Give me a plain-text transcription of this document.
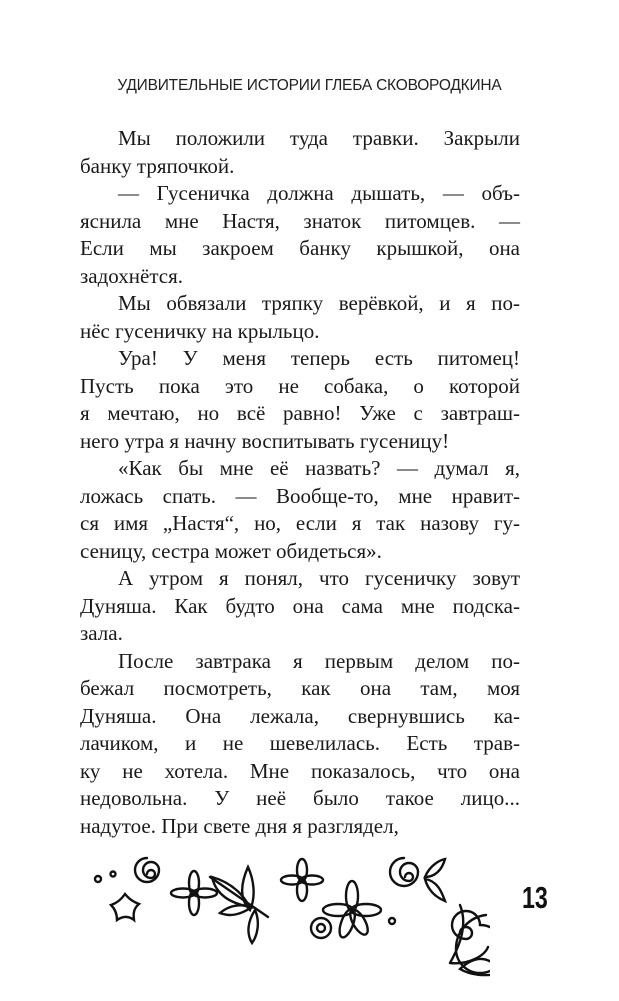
УДИВИТЕЛЬНЫЕ ИСТОРИИ ГЛЕБА СКОВОРОДКИНА
Мы положили туда травки. Закрыли
банку тряпочкой.
— Гусеничка должна дышать, — объ-
яснила мне Настя, знаток питомцев. —
Если мы закроем банку крышкой, она
задохнётся.
Мы обвязали тряпку верёвкой, и я по-
нёс гусеничку на крыльцо.
Ура! У меня теперь есть питомец!
Пусть пока это не собака, о которой
я мечтаю, но всё равно! Уже с завтраш-
него утра я начну воспитывать гусеницу!
«Как бы мне её назвать? — думал я,
ложась спать. — Вообще-то, мне нравит-
ся имя „Настя“, но, если я так назову гу-
сеницу, сестра может обидеться».
А утром я понял, что гусеничку зовут
Дуняша. Как будто она сама мне подска-
зала.
После завтрака я первым делом по-
бежал посмотреть, как она там, моя
Дуняша. Она лежала, свернувшись ка-
лачиком, и не шевелилась. Есть трав-
ку не хотела. Мне показалось, что она
недовольна. У неё было такое лицо...
надутое. При свете дня я разглядел,
13
